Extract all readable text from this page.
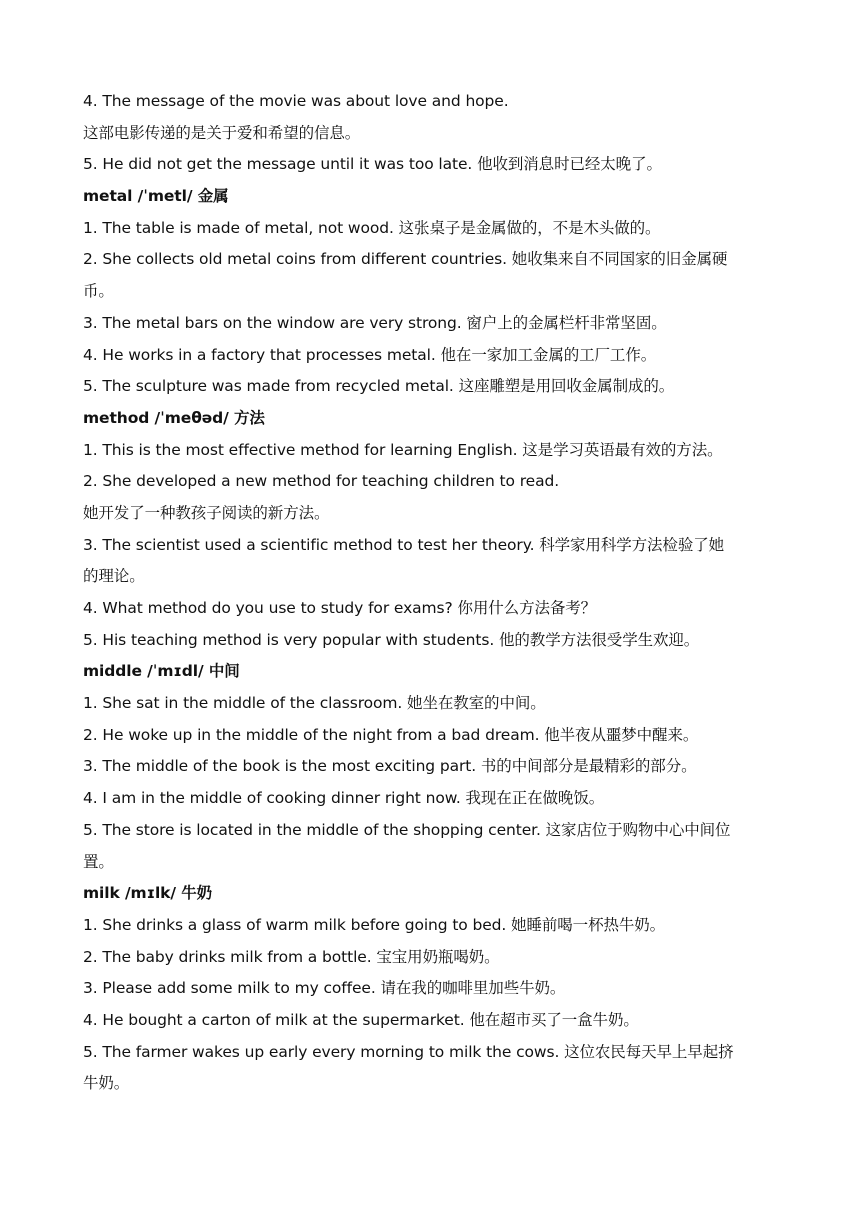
4. The message of the movie was about love and hope.
这部电影传递的是关于爱和希望的信息。
5. He did not get the message until it was too late. 他收到消息时已经太晚了。
metal /ˈmetl/ 金属
1. The table is made of metal, not wood. 这张桌子是金属做的，不是木头做的。
2. She collects old metal coins from different countries. 她收集来自不同国家的旧金属硬
币。
3. The metal bars on the window are very strong. 窗户上的金属栏杆非常坚固。
4. He works in a factory that processes metal. 他在一家加工金属的工厂工作。
5. The sculpture was made from recycled metal. 这座雕塑是用回收金属制成的。
method /ˈmeθəd/ 方法
1. This is the most effective method for learning English. 这是学习英语最有效的方法。
2. She developed a new method for teaching children to read.
她开发了一种教孩子阅读的新方法。
3. The scientist used a scientific method to test her theory. 科学家用科学方法检验了她
的理论。
4. What method do you use to study for exams? 你用什么方法备考？
5. His teaching method is very popular with students. 他的教学方法很受学生欢迎。
middle /ˈmɪdl/ 中间
1. She sat in the middle of the classroom. 她坐在教室的中间。
2. He woke up in the middle of the night from a bad dream. 他半夜从噩梦中醒来。
3. The middle of the book is the most exciting part. 书的中间部分是最精彩的部分。
4. I am in the middle of cooking dinner right now. 我现在正在做晚饭。
5. The store is located in the middle of the shopping center. 这家店位于购物中心中间位
置。
milk /mɪlk/ 牛奶
1. She drinks a glass of warm milk before going to bed. 她睡前喝一杯热牛奶。
2. The baby drinks milk from a bottle. 宝宝用奶瓶喝奶。
3. Please add some milk to my coffee. 请在我的咖啡里加些牛奶。
4. He bought a carton of milk at the supermarket. 他在超市买了一盒牛奶。
5. The farmer wakes up early every morning to milk the cows. 这位农民每天早上早起挤
牛奶。
